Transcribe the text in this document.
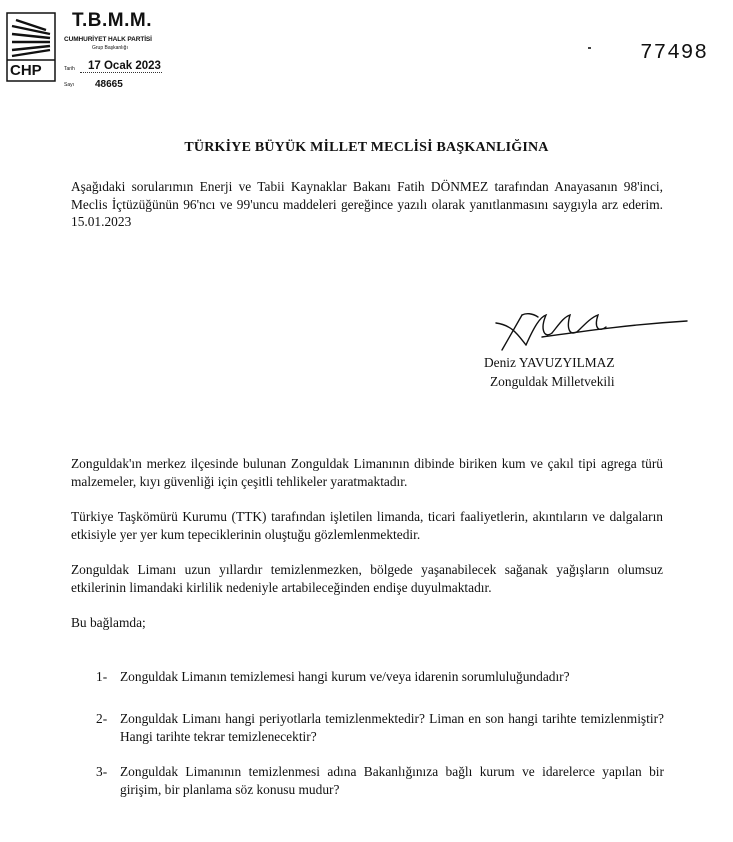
CHP
T.B.M.M.
CUMHURİYET HALK PARTİSİ
Grup Başkanlığı
Tarih 17 Ocak 2023
Sayı 48665
77498
TÜRKİYE BÜYÜK MİLLET MECLİSİ BAŞKANLIĞINA
Aşağıdaki sorularımın Enerji ve Tabii Kaynaklar Bakanı Fatih DÖNMEZ tarafından Anayasanın 98'inci, Meclis İçtüzüğünün 96'ncı ve 99'uncu maddeleri gereğince yazılı olarak yanıtlanmasını saygıyla arz ederim. 15.01.2023
Deniz YAVUZYILMAZ
Zonguldak Milletvekili

Zonguldak'ın merkez ilçesinde bulunan Zonguldak Limanının dibinde biriken kum ve çakıl tipi agrega türü malzemeler, kıyı güvenliği için çeşitli tehlikeler yaratmaktadır.

Türkiye Taşkömürü Kurumu (TTK) tarafından işletilen limanda, ticari faaliyetlerin, akıntıların ve dalgaların etkisiyle yer yer kum tepeciklerinin oluştuğu gözlemlenmektedir.

Zonguldak Limanı uzun yıllardır temizlenmezken, bölgede yaşanabilecek sağanak yağışların olumsuz etkilerinin limandaki kirlilik nedeniyle artabileceğinden endişe duyulmaktadır.

Bu bağlamda;

1- Zonguldak Limanın temizlemesi hangi kurum ve/veya idarenin sorumluluğundadır?
2- Zonguldak Limanı hangi periyotlarla temizlenmektedir? Liman en son hangi tarihte temizlenmiştir? Hangi tarihte tekrar temizlenecektir?
3- Zonguldak Limanının temizlenmesi adına Bakanlığınıza bağlı kurum ve idarelerce yapılan bir girişim, bir planlama söz konusu mudur?
